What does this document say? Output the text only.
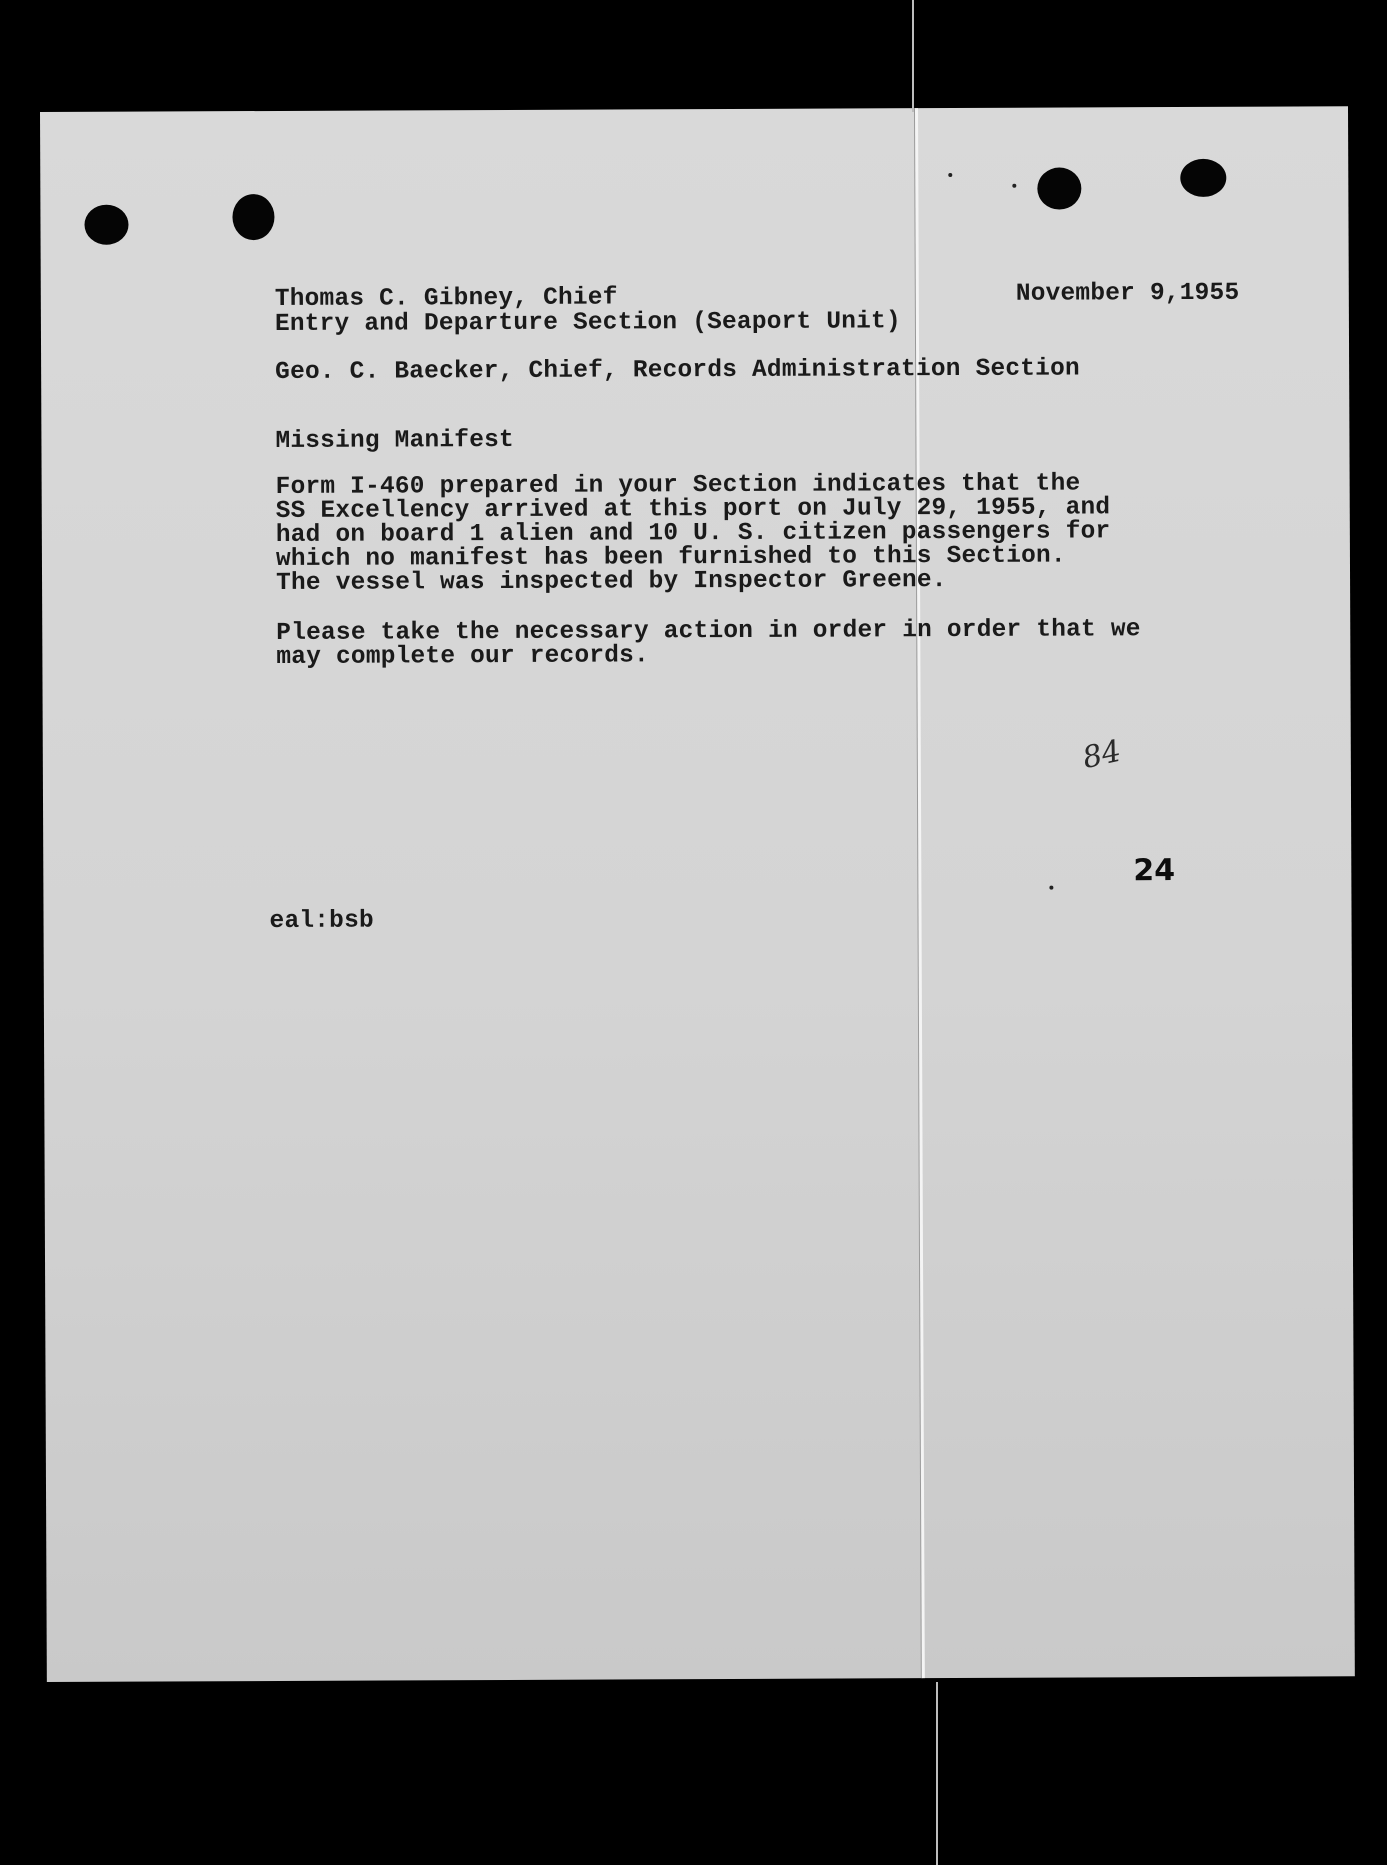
Thomas C. Gibney, Chief
Entry and Departure Section (Seaport Unit)
November 9,1955
Geo. C. Baecker, Chief, Records Administration Section
Missing Manifest
Form I-460 prepared in your Section indicates that the
SS Excellency arrived at this port on July 29, 1955, and
had on board 1 alien and 10 U. S. citizen passengers for
which no manifest has been furnished to this Section.
The vessel was inspected by Inspector Greene.
Please take the necessary action in order in order that we
may complete our records.
84
24
eal:bsb
